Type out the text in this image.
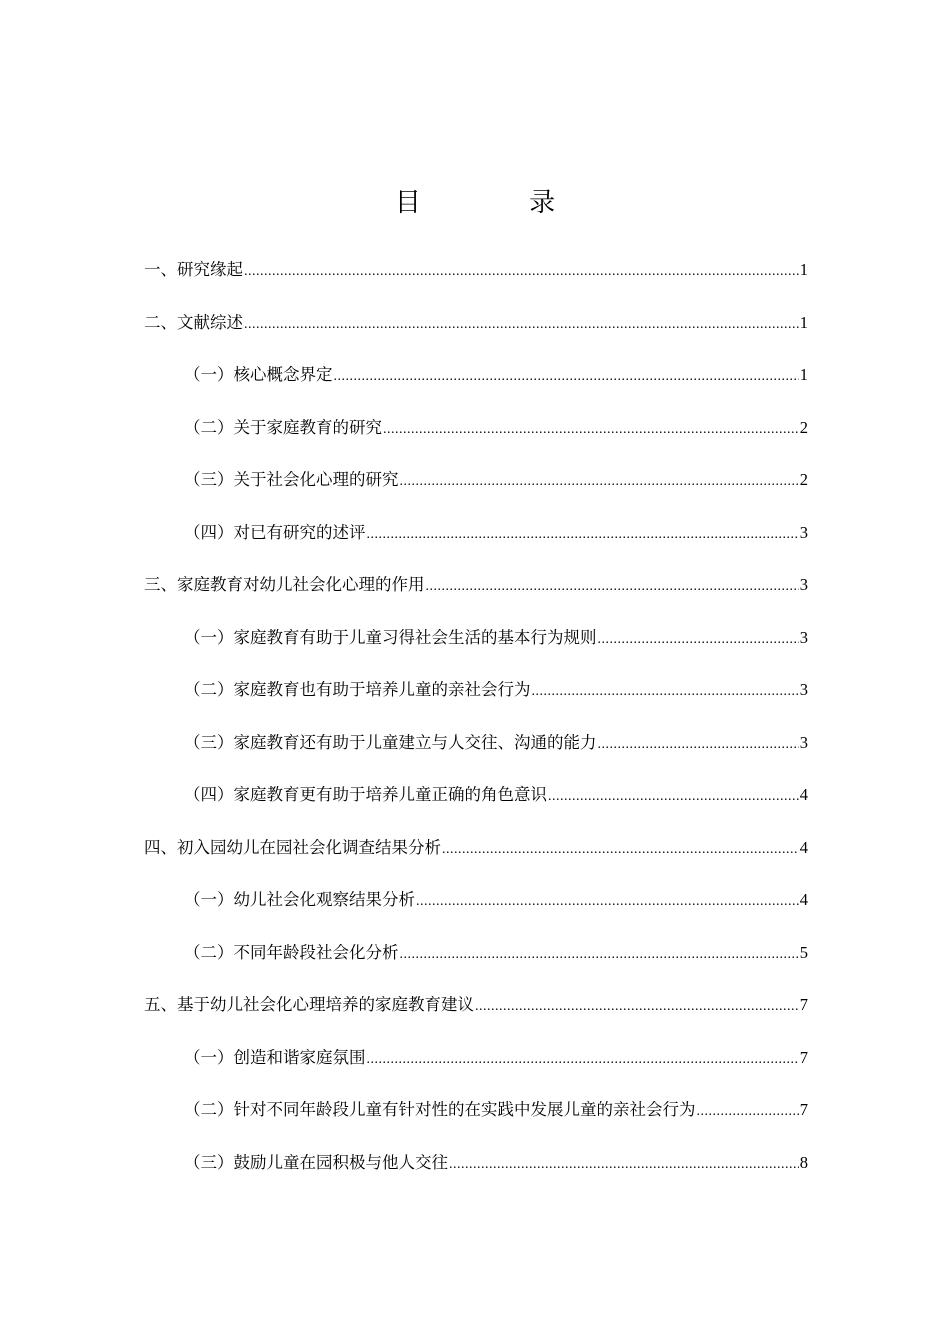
目 录
一、研究缘起 .....	1
二、文献综述 .....	1
（一）核心概念界定 .....	1
（二）关于家庭教育的研究 .....	2
（三）关于社会化心理的研究 .....	2
（四）对已有研究的述评 .....	3
三、家庭教育对幼儿社会化心理的作用 .....	3
（一）家庭教育有助于儿童习得社会生活的基本行为规则 .....	3
（二）家庭教育也有助于培养儿童的亲社会行为 .....	3
（三）家庭教育还有助于儿童建立与人交往、沟通的能力 .....	3
（四）家庭教育更有助于培养儿童正确的角色意识 .....	4
四、初入园幼儿在园社会化调查结果分析 .....	4
（一）幼儿社会化观察结果分析 .....	4
（二）不同年龄段社会化分析 .....	5
五、基于幼儿社会化心理培养的家庭教育建议 .....	7
（一）创造和谐家庭氛围 .....	7
（二）针对不同年龄段儿童有针对性的在实践中发展儿童的亲社会行为 .....	7
（三）鼓励儿童在园积极与他人交往 .....	8
